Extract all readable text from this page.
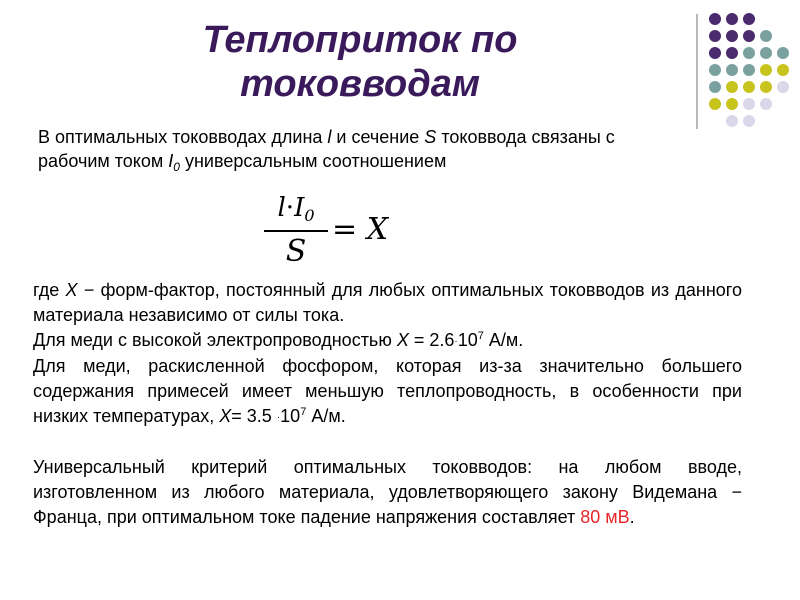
Теплоприток по токовводам

В оптимальных токовводах длина l и сечение S токоввода связаны с рабочим током $I_0$ универсальным соотношением

$l\cdot I_0$
S
= X

где X − форм-фактор, постоянный для любых оптимальных токовводов из данного материала независимо от силы тока.

Для меди с высокой электропроводностью $X = 2.6\cdot 10^7$ А/м.

Для меди, раскисленной фосфором, которая из-за значительно большего содержания примесей имеет меньшую теплопроводность, в особенности при низких температурах, $X= 3.5 \cdot 10^7$ А/м.

Универсальный критерий оптимальных токовводов: на любом вводе, изготовленном из любого материала, удовлетворяющего закону Видемана − Франца, при оптимальном токе падение напряжения составляет 80 мВ.
